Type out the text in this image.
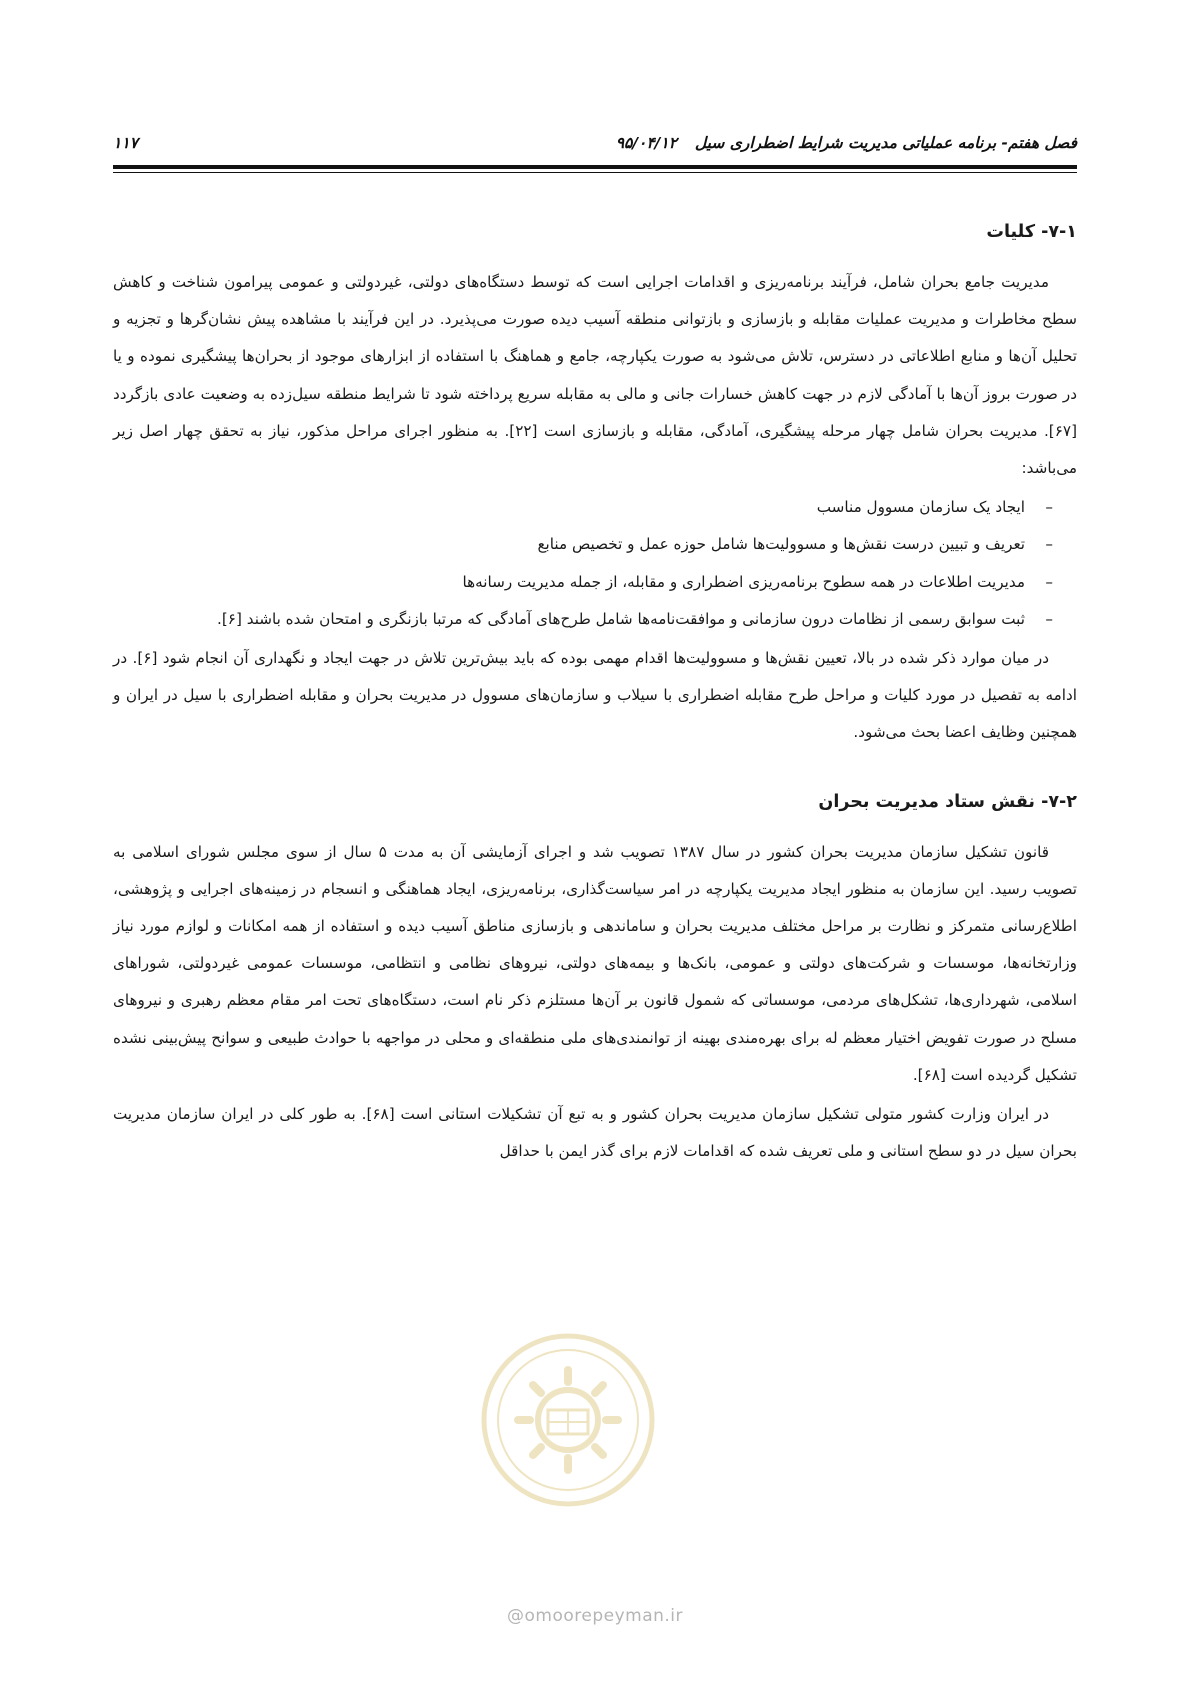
فصل هفتم- برنامه عملیاتی مدیریت شرایط اضطراری سیل
۹۵/۰۴/۱۲
۱۱۷
۷-۱- کلیات

مدیریت جامع بحران شامل، فرآیند برنامه‌ریزی و اقدامات اجرایی است که توسط دستگاه‌های دولتی، غیردولتی و عمومی پیرامون شناخت و کاهش سطح مخاطرات و مدیریت عملیات مقابله و بازسازی و بازتوانی منطقه آسیب دیده صورت می‌پذیرد. در این فرآیند با مشاهده پیش نشان‌گرها و تجزیه و تحلیل آن‌ها و منابع اطلاعاتی در دسترس، تلاش می‌شود به صورت یکپارچه، جامع و هماهنگ با استفاده از ابزارهای موجود از بحران‌ها پیشگیری نموده و یا در صورت بروز آن‌ها با آمادگی لازم در جهت کاهش خسارات جانی و مالی به مقابله سریع پرداخته شود تا شرایط منطقه سیل‌زده به وضعیت عادی بازگردد [۶۷]. مدیریت بحران شامل چهار مرحله پیشگیری، آمادگی، مقابله و بازسازی است [۲۲]. به منظور اجرای مراحل مذکور، نیاز به تحقق چهار اصل زیر می‌باشد:

–
ایجاد یک سازمان مسوول مناسب
–
تعریف و تبیین درست نقش‌ها و مسوولیت‌ها شامل حوزه عمل و تخصیص منابع
–
مدیریت اطلاعات در همه سطوح برنامه‌ریزی اضطراری و مقابله، از جمله مدیریت رسانه‌ها
–
ثبت سوابق رسمی از نظامات درون سازمانی و موافقت‌نامه‌ها شامل طرح‌های آمادگی که مرتبا بازنگری و امتحان شده باشند [۶].

در میان موارد ذکر شده در بالا، تعیین نقش‌ها و مسوولیت‌ها اقدام مهمی بوده که باید بیش‌ترین تلاش در جهت ایجاد و نگهداری آن انجام شود [۶]. در ادامه به تفصیل در مورد کلیات و مراحل طرح مقابله اضطراری با سیلاب و سازمان‌های مسوول در مدیریت بحران و مقابله اضطراری با سیل در ایران و همچنین وظایف اعضا بحث می‌شود.

۷-۲- نقش ستاد مدیریت بحران

قانون تشکیل سازمان مدیریت بحران کشور در سال ۱۳۸۷ تصویب شد و اجرای آزمایشی آن به مدت ۵ سال از سوی مجلس شورای اسلامی به تصویب رسید. این سازمان به منظور ایجاد مدیریت یکپارچه در امر سیاست‌گذاری، برنامه‌ریزی، ایجاد هماهنگی و انسجام در زمینه‌های اجرایی و پژوهشی، اطلاع‌رسانی متمرکز و نظارت بر مراحل مختلف مدیریت بحران و ساماندهی و بازسازی مناطق آسیب دیده و استفاده از همه امکانات و لوازم مورد نیاز وزارتخانه‌ها، موسسات و شرکت‌های دولتی و عمومی، بانک‌ها و بیمه‌های دولتی، نیروهای نظامی و انتظامی، موسسات عمومی غیردولتی، شوراهای اسلامی، شهرداری‌ها، تشکل‌های مردمی، موسساتی که شمول قانون بر آن‌ها مستلزم ذکر نام است، دستگاه‌های تحت امر مقام معظم رهبری و نیروهای مسلح در صورت تفویض اختیار معظم له برای بهره‌مندی بهینه از توانمندی‌های ملی منطقه‌ای و محلی در مواجهه با حوادث طبیعی و سوانح پیش‌بینی نشده تشکیل گردیده است [۶۸].

در ایران وزارت کشور متولی تشکیل سازمان مدیریت بحران کشور و به تبع آن تشکیلات استانی است [۶۸]. به طور کلی در ایران سازمان مدیریت بحران سیل در دو سطح استانی و ملی تعریف شده که اقدامات لازم برای گذر ایمن با حداقل

@omoorepeyman.ir
